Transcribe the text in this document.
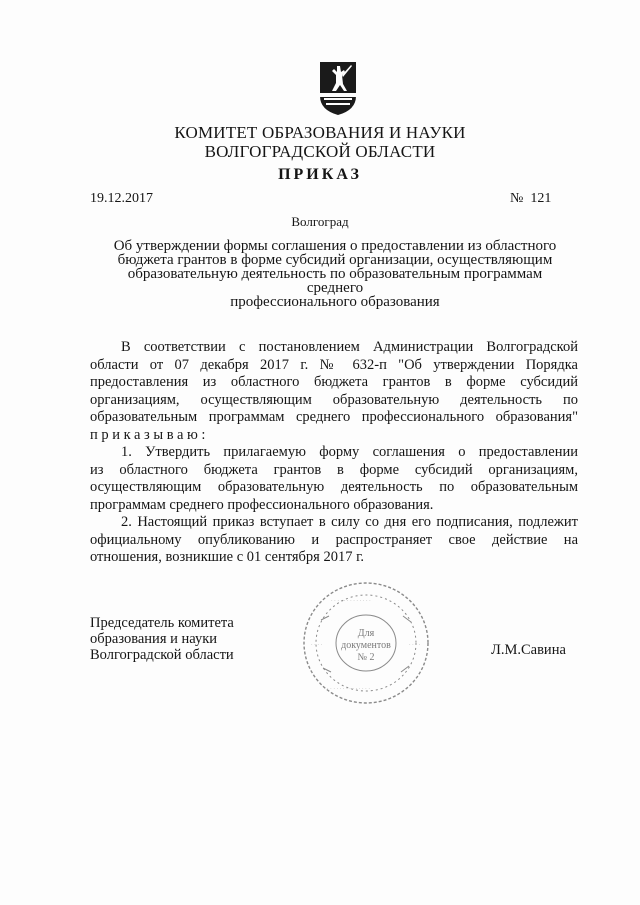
КОМИТЕТ ОБРАЗОВАНИЯ И НАУКИ
ВОЛГОГРАДСКОЙ ОБЛАСТИ
ПРИКАЗ
19.12.2017	№ 121
Волгоград
Об утверждении формы соглашения о предоставлении из областного
бюджета грантов в форме субсидий организации, осуществляющим
образовательную деятельность по образовательным программам среднего
профессионального образования

В соответствии с постановлением Администрации Волгоградской

области от 07 декабря 2017 г. № 632-п "Об утверждении Порядка

предоставления из областного бюджета грантов в форме субсидий

организациям, осуществляющим образовательную деятельность по

образовательным программам среднего профессионального образования"

приказываю:

1. Утвердить прилагаемую форму соглашения о предоставлении

из областного бюджета грантов в форме субсидий организациям,

осуществляющим образовательную деятельность по образовательным

программам среднего профессионального образования.

2. Настоящий приказ вступает в силу со дня его подписания, подлежит

официальному опубликованию и распространяет свое действие на

отношения, возникшие с 01 сентября 2017 г.

Председатель комитета
образования и науки
Волгоградской области	Л.М.Савина
· · · · · · · · · · · · ·
· · · · · · · · · · · · · ·
· · · ·	· · · ·
Для
документов
№ 2
